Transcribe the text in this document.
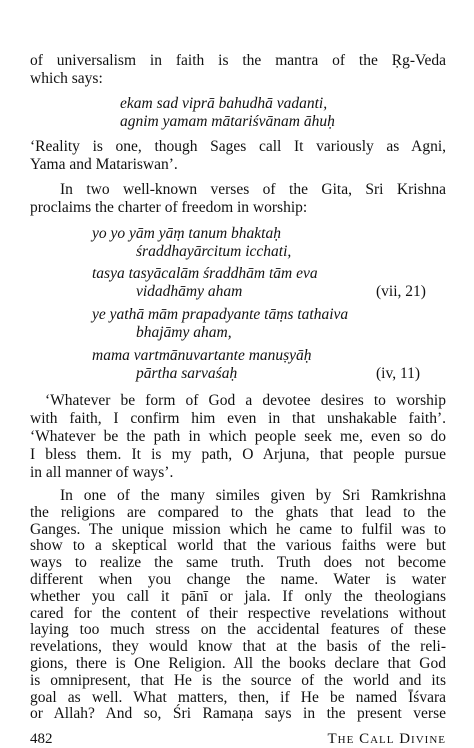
of universalism in faith is the mantra of the Ṛg-Veda
which says:
ekam sad viprā bahudhā vadanti,
agnim yamam mātariśvānam āhuḥ
‘Reality is one, though Sages call It variously as Agni,
Yama and Matariswan’.
In two well-known verses of the Gita, Sri Krishna
proclaims the charter of freedom in worship:
yo yo yām yāṃ tanum bhaktaḥ
śraddhayārcitum icchati,
tasya tasyācalām śraddhām tām eva
vidadhāmy aham	(vii, 21)
ye yathā mām prapadyante tāṃs tathaiva
bhajāmy aham,
mama vartmānuvartante manuṣyāḥ
pārtha sarvaśaḥ	(iv, 11)
‘Whatever be form of God a devotee desires to worship
with faith, I confirm him even in that unshakable faith’.
‘Whatever be the path in which people seek me, even so do
I bless them. It is my path, O Arjuna, that people pursue
in all manner of ways’.
In one of the many similes given by Sri Ramkrishna
the religions are compared to the ghats that lead to the
Ganges. The unique mission which he came to fulfil was to
show to a skeptical world that the various faiths were but
ways to realize the same truth. Truth does not become
different when you change the name. Water is water
whether you call it pānī or jala. If only the theologians
cared for the content of their respective revelations without
laying too much stress on the accidental features of these
revelations, they would know that at the basis of the reli-
gions, there is One Religion. All the books declare that God
is omnipresent, that He is the source of the world and its
goal as well. What matters, then, if He be named Īśvara
or Allah? And so, Śri Ramaṇa says in the present verse
482	The Call Divine
